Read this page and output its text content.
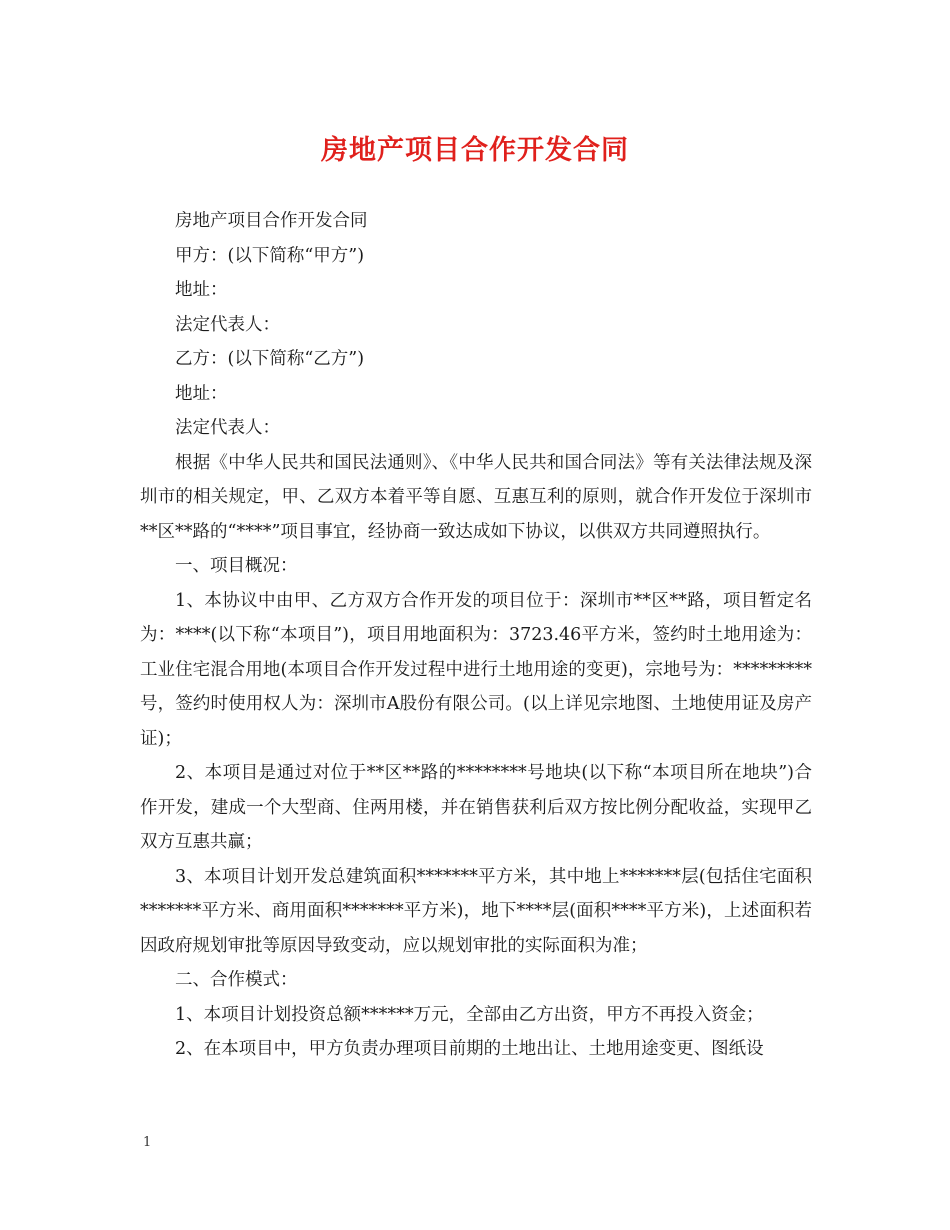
房地产项目合作开发合同

房地产项目合作开发合同

甲方：(以下简称“甲方”)

地址：

法定代表人：

乙方：(以下简称“乙方”)

地址：

法定代表人：

根据《中华人民共和国民法通则》、《中华人民共和国合同法》等有关法律法规及深圳市的相关规定，甲、乙双方本着平等自愿、互惠互利的原则，就合作开发位于深圳市**区**路的“****”项目事宜，经协商一致达成如下协议，以供双方共同遵照执行。

一、项目概况：

1、本协议中由甲、乙方双方合作开发的项目位于：深圳市**区**路，项目暂定名为：****(以下称“本项目”)，项目用地面积为：3723.46平方米，签约时土地用途为：工业住宅混合用地(本项目合作开发过程中进行土地用途的变更)，宗地号为：*********号，签约时使用权人为：深圳市A股份有限公司。(以上详见宗地图、土地使用证及房产证)；

2、本项目是通过对位于**区**路的********号地块(以下称“本项目所在地块”)合作开发，建成一个大型商、住两用楼，并在销售获利后双方按比例分配收益，实现甲乙双方互惠共赢；

3、本项目计划开发总建筑面积*******平方米，其中地上*******层(包括住宅面积*******平方米、商用面积*******平方米)，地下****层(面积****平方米)，上述面积若因政府规划审批等原因导致变动，应以规划审批的实际面积为准；

二、合作模式：

1、本项目计划投资总额******万元，全部由乙方出资，甲方不再投入资金；

2、在本项目中，甲方负责办理项目前期的土地出让、土地用途变更、图纸设

1
